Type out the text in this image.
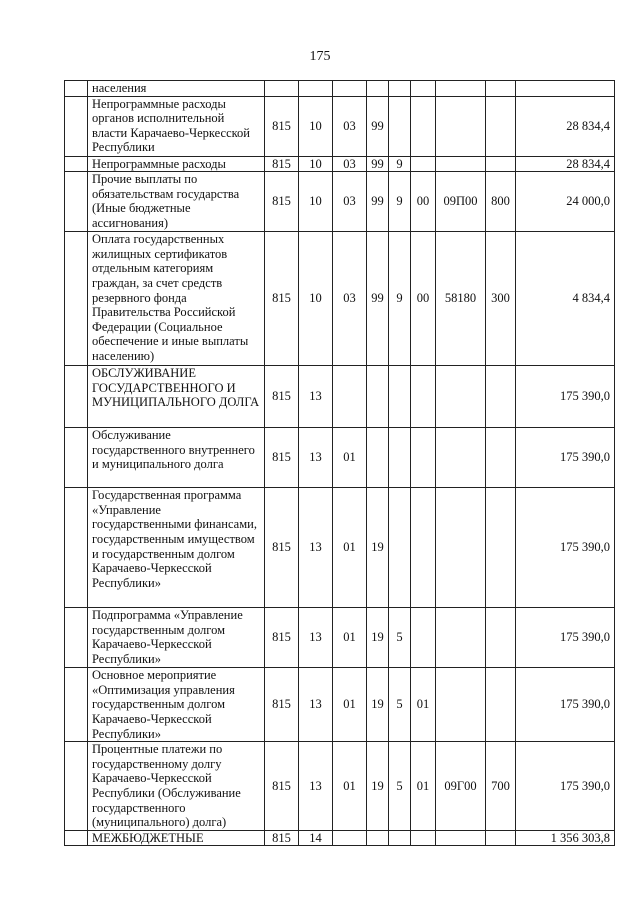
175
	населения									
	Непрограммные расходы органов исполнительной власти Карачаево-Черкесской Республики	815	10	03	99					28 834,4
	Непрограммные расходы	815	10	03	99	9				28 834,4
	Прочие выплаты по обязательствам государства (Иные бюджетные ассигнования)	815	10	03	99	9	00	09П00	800	24 000,0
	Оплата государственных жилищных сертификатов отдельным категориям граждан, за счет средств резервного фонда Правительства Российской Федерации (Социальное обеспечение и иные выплаты населению)	815	10	03	99	9	00	58180	300	4 834,4
	ОБСЛУЖИВАНИЕ ГОСУДАРСТВЕННОГО И МУНИЦИПАЛЬНОГО ДОЛГА	815	13							175 390,0
	Обслуживание государственного внутреннего и муниципального долга	815	13	01						175 390,0
	Государственная программа «Управление государственными финансами, государственным имуществом и государственным долгом Карачаево-Черкесской Республики»	815	13	01	19					175 390,0
	Подпрограмма «Управление государственным долгом Карачаево-Черкесской Республики»	815	13	01	19	5				175 390,0
	Основное мероприятие «Оптимизация управления государственным долгом Карачаево-Черкесской Республики»	815	13	01	19	5	01			175 390,0
	Процентные платежи по государственному долгу Карачаево-Черкесской Республики (Обслуживание государственного (муниципального) долга)	815	13	01	19	5	01	09Г00	700	175 390,0
	МЕЖБЮДЖЕТНЫЕ	815	14							1 356 303,8
